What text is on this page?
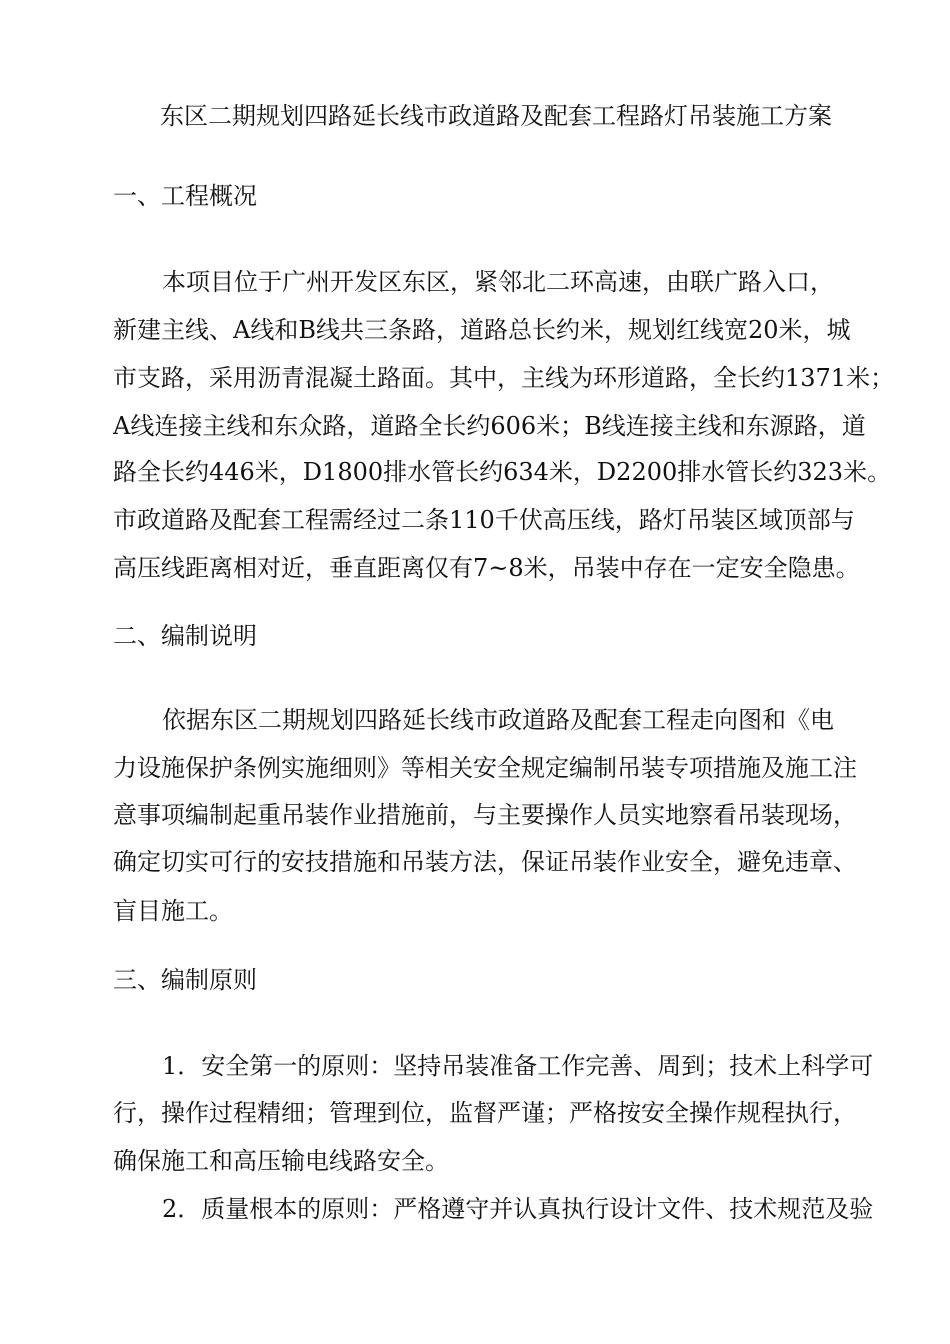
东区二期规划四路延长线市政道路及配套工程路灯吊装施工方案
一、工程概况
本项目位于广州开发区东区，紧邻北二环高速，由联广路入口，
新建主线、A线和B线共三条路，道路总长约米，规划红线宽20米，城
市支路，采用沥青混凝土路面。其中，主线为环形道路，全长约1371米；
A线连接主线和东众路，道路全长约606米；B线连接主线和东源路，道
路全长约446米，D1800排水管长约634米，D2200排水管长约323米。
市政道路及配套工程需经过二条110千伏高压线，路灯吊装区域顶部与
高压线距离相对近，垂直距离仅有7~8米，吊装中存在一定安全隐患。
二、编制说明
依据东区二期规划四路延长线市政道路及配套工程走向图和《电
力设施保护条例实施细则》等相关安全规定编制吊装专项措施及施工注
意事项编制起重吊装作业措施前，与主要操作人员实地察看吊装现场，
确定切实可行的安技措施和吊装方法，保证吊装作业安全，避免违章、
盲目施工。
三、编制原则
1．安全第一的原则：坚持吊装准备工作完善、周到；技术上科学可
行，操作过程精细；管理到位，监督严谨；严格按安全操作规程执行，
确保施工和高压输电线路安全。
2．质量根本的原则：严格遵守并认真执行设计文件、技术规范及验
